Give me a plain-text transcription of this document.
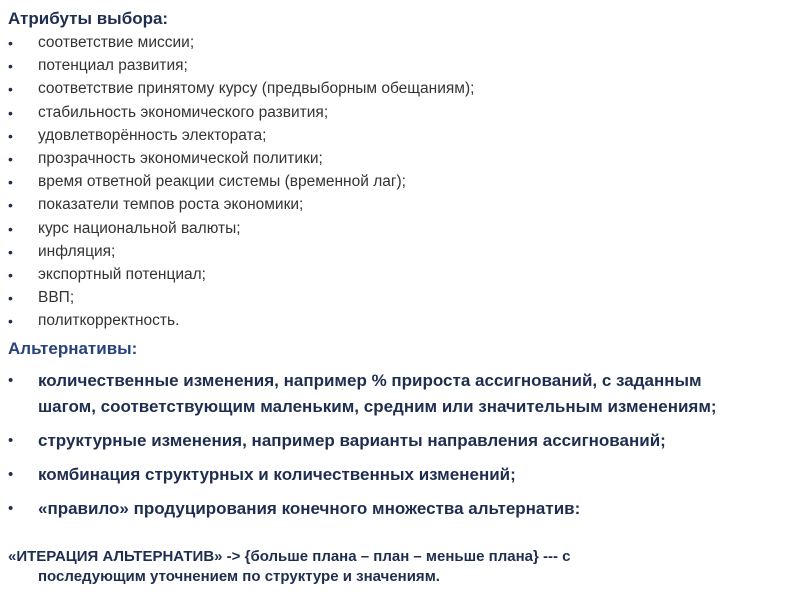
Атрибуты выбора:
• соответствие миссии;
• потенциал развития;
• соответствие принятому курсу (предвыборным обещаниям);
• стабильность экономического развития;
• удовлетворённость электората;
• прозрачность экономической политики;
• время ответной реакции системы (временной лаг);
• показатели темпов роста экономики;
• курс национальной валюты;
• инфляция;
• экспортный потенциал;
• ВВП;
• политкорректность.
Альтернативы:
• количественные изменения, например % прироста ассигнований, с заданным шагом, соответствующим маленьким, средним или значительным изменениям;
• структурные изменения, например варианты направления ассигнований;
• комбинация структурных и количественных изменений;
• «правило» продуцирования конечного множества альтернатив:
«ИТЕРАЦИЯ АЛЬТЕРНАТИВ» -> {больше плана – план – меньше плана} --- с
последующим уточнением по структуре и значениям.
